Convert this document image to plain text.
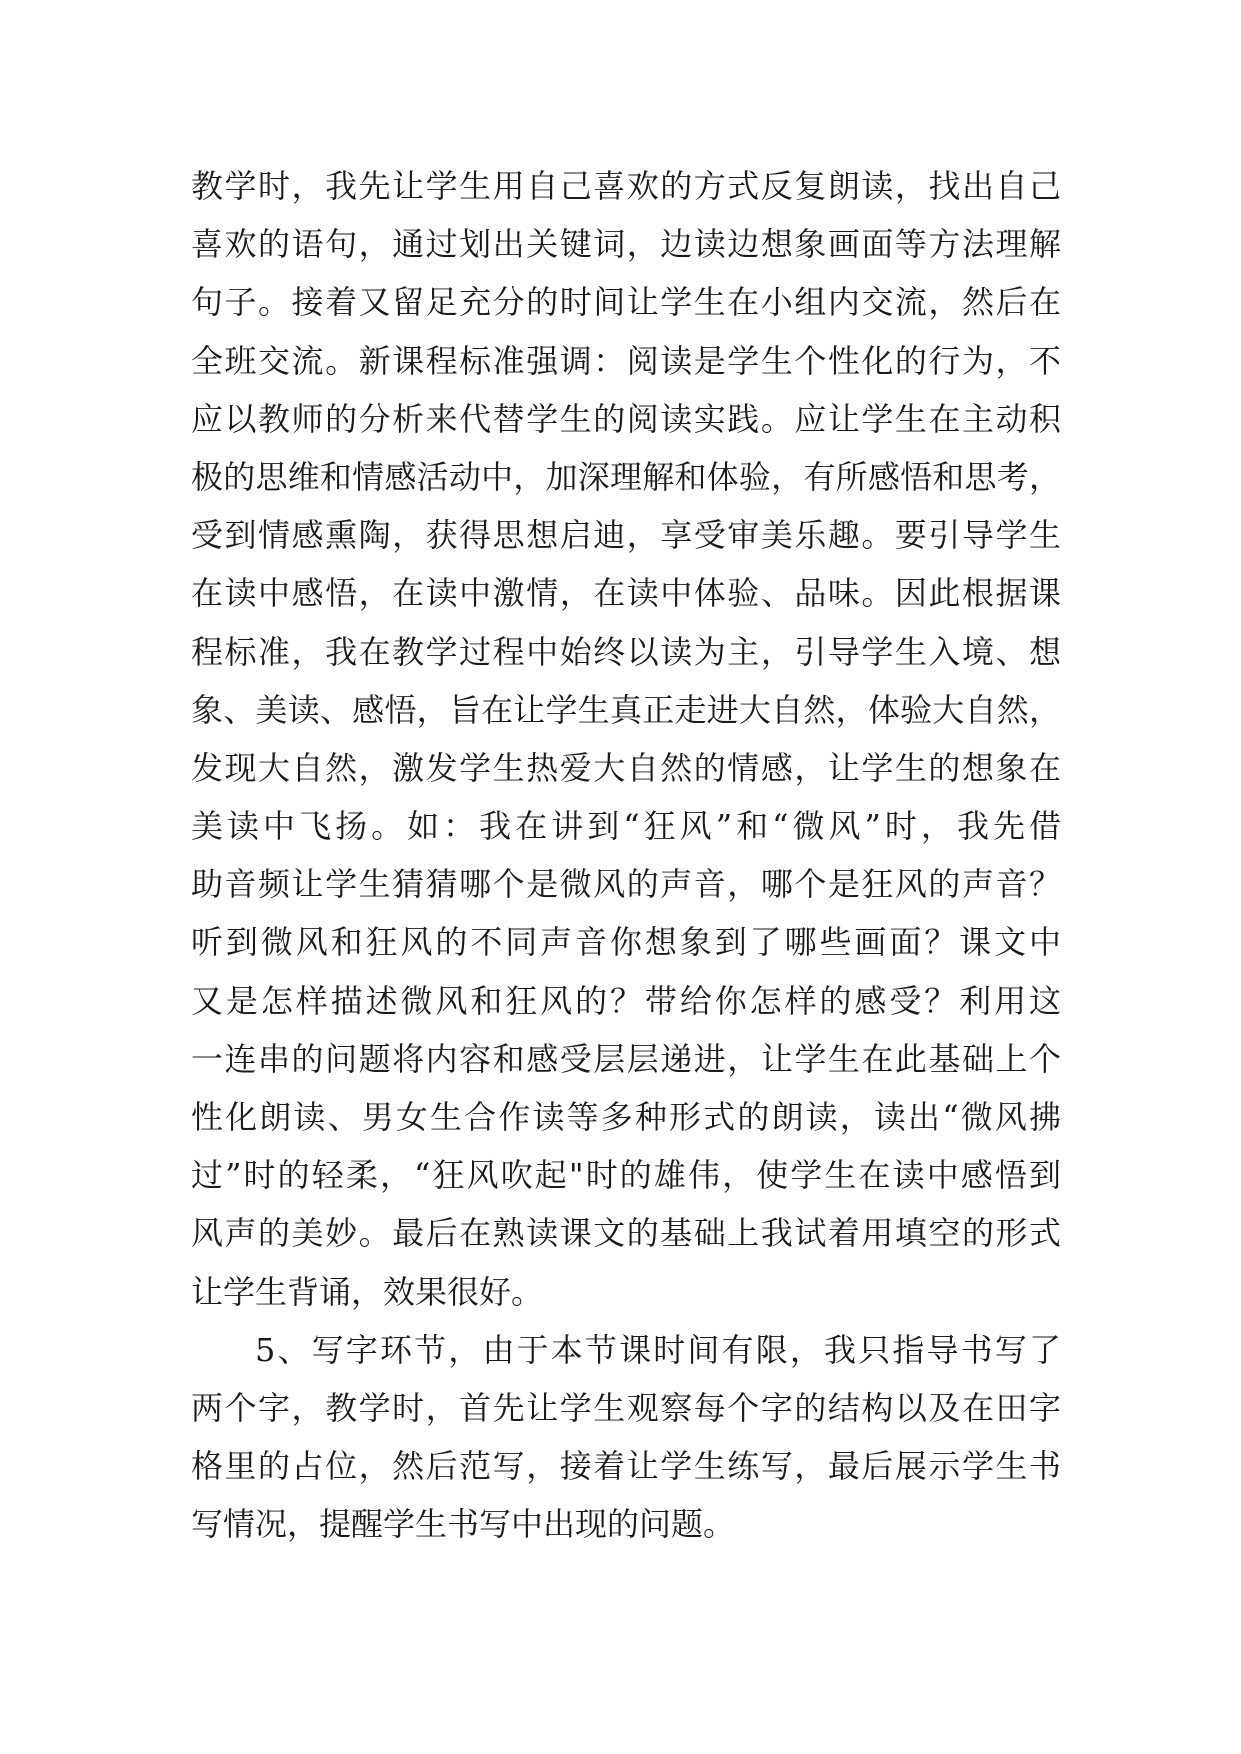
教学时，我先让学生用自己喜欢的方式反复朗读，找出自己
喜欢的语句，通过划出关键词，边读边想象画面等方法理解
句子。接着又留足充分的时间让学生在小组内交流，然后在
全班交流。新课程标准强调：阅读是学生个性化的行为，不
应以教师的分析来代替学生的阅读实践。应让学生在主动积
极的思维和情感活动中，加深理解和体验，有所感悟和思考，
受到情感熏陶，获得思想启迪，享受审美乐趣。要引导学生
在读中感悟，在读中激情，在读中体验、品味。因此根据课
程标准，我在教学过程中始终以读为主，引导学生入境、想
象、美读、感悟，旨在让学生真正走进大自然，体验大自然，
发现大自然，激发学生热爱大自然的情感，让学生的想象在
美读中飞扬。如：我在讲到“狂风”和“微风”时，我先借
助音频让学生猜猜哪个是微风的声音，哪个是狂风的声音？
听到微风和狂风的不同声音你想象到了哪些画面？课文中
又是怎样描述微风和狂风的？带给你怎样的感受？利用这
一连串的问题将内容和感受层层递进，让学生在此基础上个
性化朗读、男女生合作读等多种形式的朗读，读出“微风拂
过”时的轻柔，“狂风吹起"时的雄伟，使学生在读中感悟到
风声的美妙。最后在熟读课文的基础上我试着用填空的形式
让学生背诵，效果很好。
5、写字环节，由于本节课时间有限，我只指导书写了
两个字，教学时，首先让学生观察每个字的结构以及在田字
格里的占位，然后范写，接着让学生练写，最后展示学生书
写情况，提醒学生书写中出现的问题。
